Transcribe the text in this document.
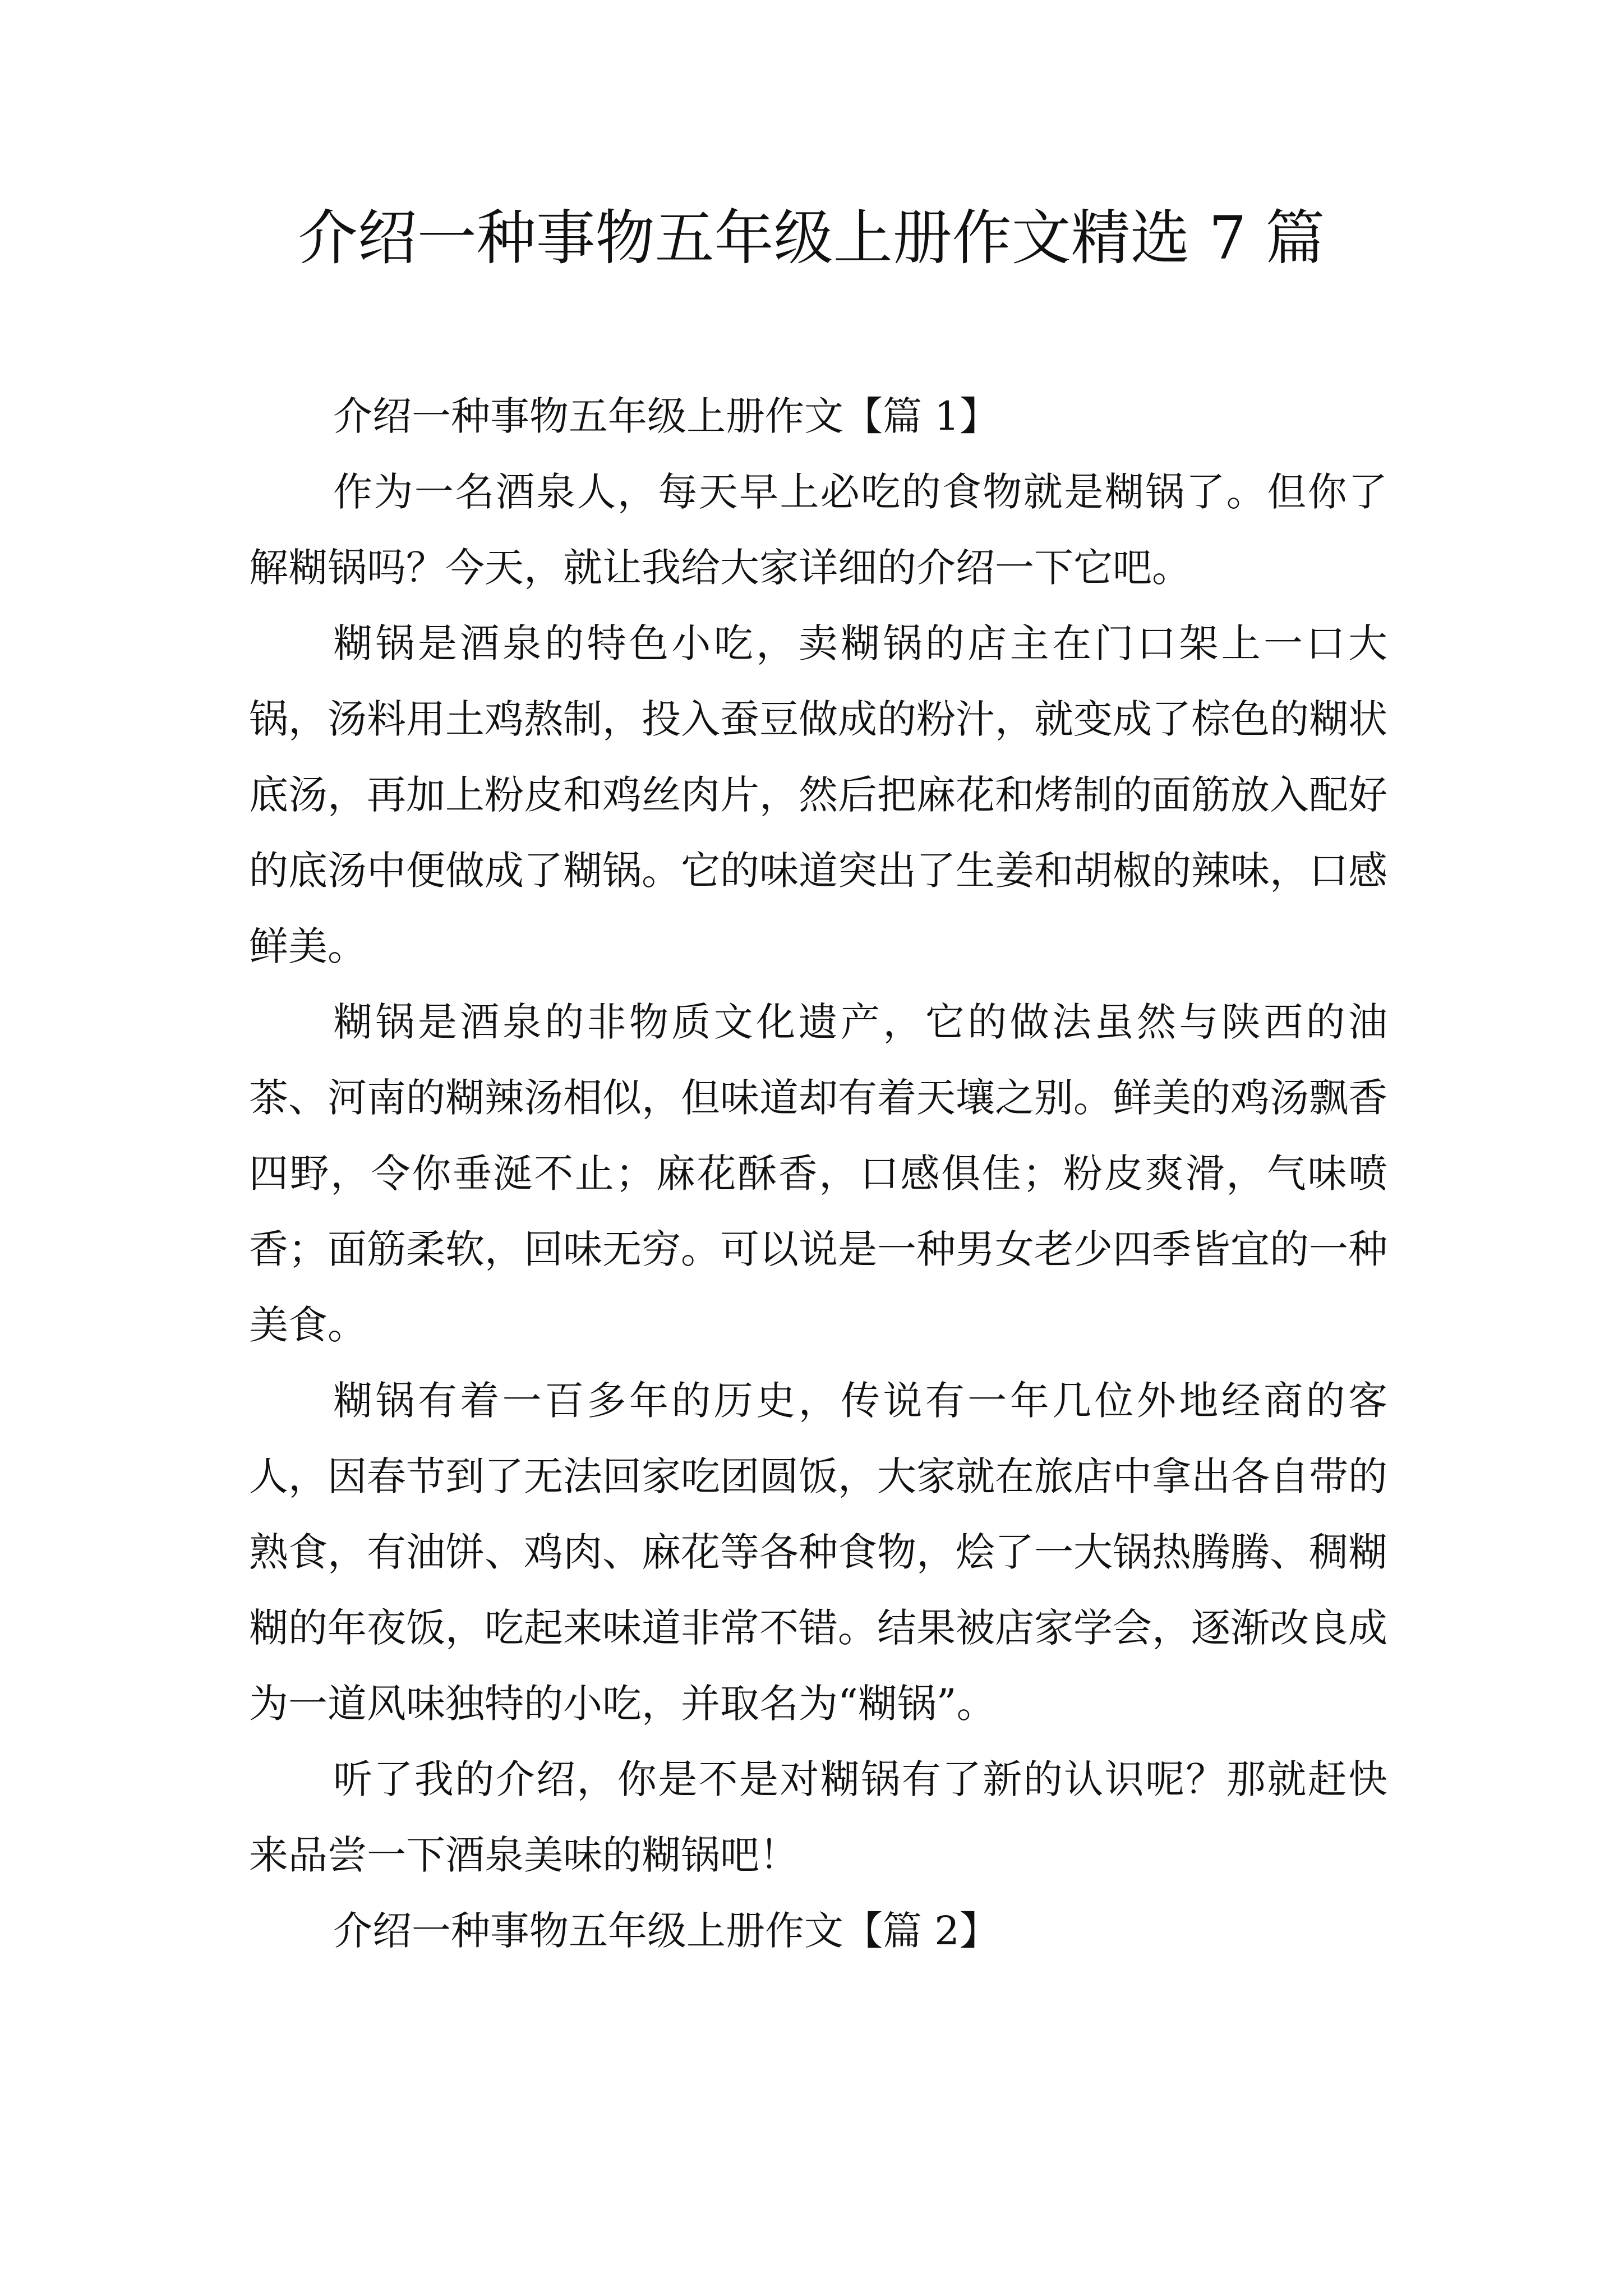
介绍一种事物五年级上册作文精选 7 篇

介绍一种事物五年级上册作文【篇 1】

作为一名酒泉人，每天早上必吃的食物就是糊锅了。但你了解糊锅吗？今天，就让我给大家详细的介绍一下它吧。

糊锅是酒泉的特色小吃，卖糊锅的店主在门口架上一口大锅，汤料用土鸡熬制，投入蚕豆做成的粉汁，就变成了棕色的糊状底汤，再加上粉皮和鸡丝肉片，然后把麻花和烤制的面筋放入配好的底汤中便做成了糊锅。它的味道突出了生姜和胡椒的辣味，口感鲜美。

糊锅是酒泉的非物质文化遗产，它的做法虽然与陕西的油茶、河南的糊辣汤相似，但味道却有着天壤之别。鲜美的鸡汤飘香四野，令你垂涎不止；麻花酥香，口感俱佳；粉皮爽滑，气味喷香；面筋柔软，回味无穷。可以说是一种男女老少四季皆宜的一种美食。

糊锅有着一百多年的历史，传说有一年几位外地经商的客人，因春节到了无法回家吃团圆饭，大家就在旅店中拿出各自带的熟食，有油饼、鸡肉、麻花等各种食物，烩了一大锅热腾腾、稠糊糊的年夜饭，吃起来味道非常不错。结果被店家学会，逐渐改良成为一道风味独特的小吃，并取名为“糊锅”。

听了我的介绍，你是不是对糊锅有了新的认识呢？那就赶快来品尝一下酒泉美味的糊锅吧！

介绍一种事物五年级上册作文【篇 2】
